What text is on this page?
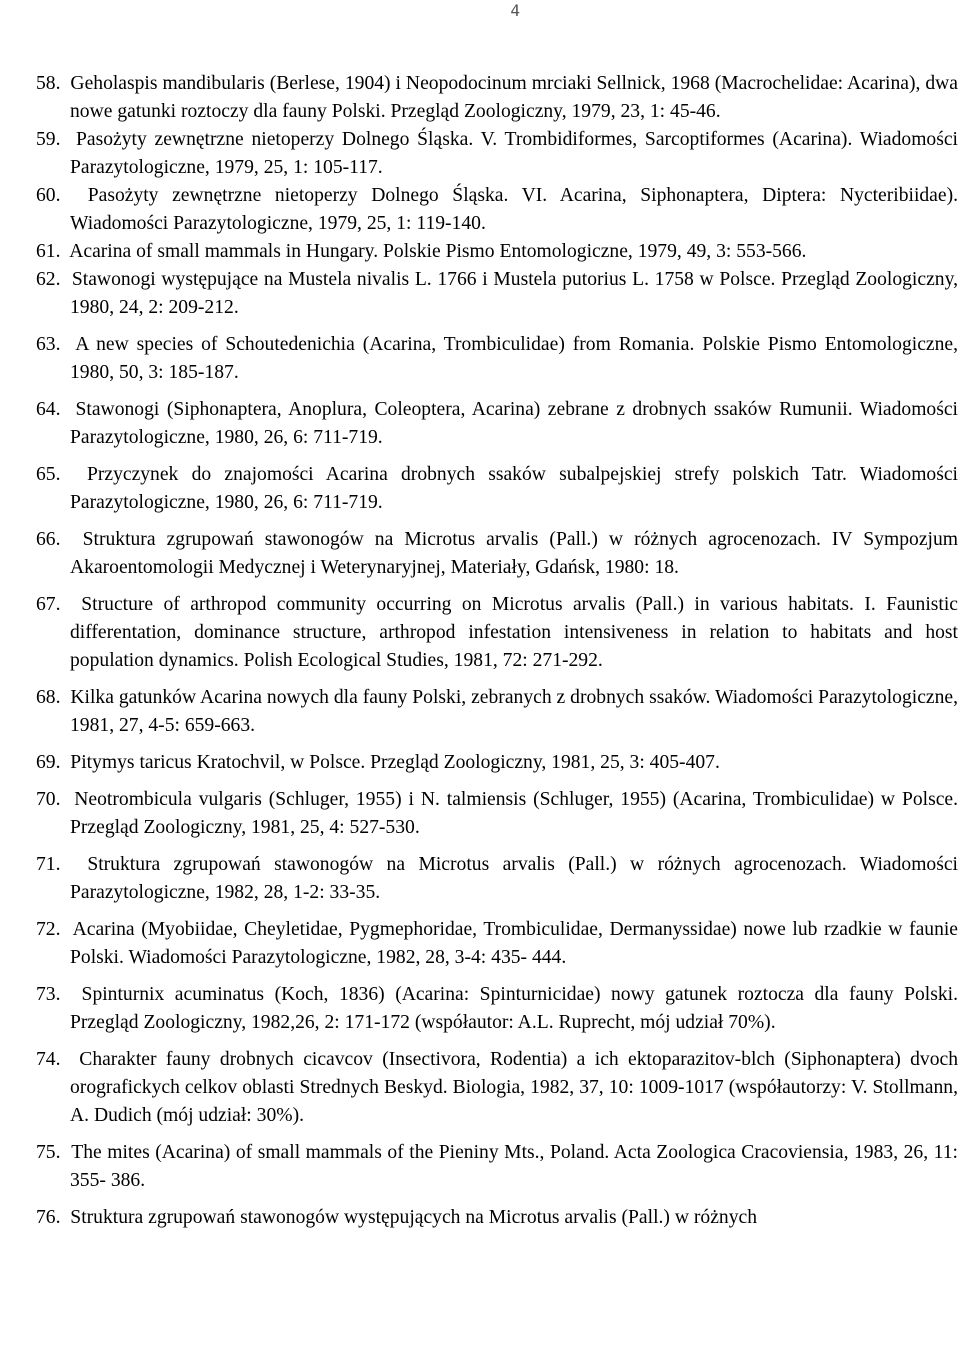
4
58. Geholaspis mandibularis (Berlese, 1904) i Neopodocinum mrciaki Sellnick, 1968 (Macrochelidae: Acarina), dwa nowe gatunki roztoczy dla fauny Polski. Przegląd Zoologiczny, 1979, 23, 1: 45-46.
59. Pasożyty zewnętrzne nietoperzy Dolnego Śląska. V. Trombidiformes, Sarcoptiformes (Acarina). Wiadomości Parazytologiczne, 1979, 25, 1: 105-117.
60. Pasożyty zewnętrzne nietoperzy Dolnego Śląska. VI. Acarina, Siphonaptera, Diptera: Nycteribiidae). Wiadomości Parazytologiczne, 1979, 25, 1: 119-140.
61. Acarina of small mammals in Hungary. Polskie Pismo Entomologiczne, 1979, 49, 3: 553-566.
62. Stawonogi występujące na Mustela nivalis L. 1766 i Mustela putorius L. 1758 w Polsce. Przegląd Zoologiczny, 1980, 24, 2: 209-212.
63. A new species of Schoutedenichia (Acarina, Trombiculidae) from Romania. Polskie Pismo Entomologiczne, 1980, 50, 3: 185-187.
64. Stawonogi (Siphonaptera, Anoplura, Coleoptera, Acarina) zebrane z drobnych ssaków Rumunii. Wiadomości Parazytologiczne, 1980, 26, 6: 711-719.
65. Przyczynek do znajomości Acarina drobnych ssaków subalpejskiej strefy polskich Tatr. Wiadomości Parazytologiczne, 1980, 26, 6: 711-719.
66. Struktura zgrupowań stawonogów na Microtus arvalis (Pall.) w różnych agrocenozach. IV Sympozjum Akaroentomologii Medycznej i Weterynaryjnej, Materiały, Gdańsk, 1980: 18.
67. Structure of arthropod community occurring on Microtus arvalis (Pall.) in various habitats. I. Faunistic differentation, dominance structure, arthropod infestation intensiveness in relation to habitats and host population dynamics. Polish Ecological Studies, 1981, 72: 271-292.
68. Kilka gatunków Acarina nowych dla fauny Polski, zebranych z drobnych ssaków. Wiadomości Parazytologiczne, 1981, 27, 4-5: 659-663.
69. Pitymys taricus Kratochvil, w Polsce. Przegląd Zoologiczny, 1981, 25, 3: 405-407.
70. Neotrombicula vulgaris (Schluger, 1955) i N. talmiensis (Schluger, 1955) (Acarina, Trombiculidae) w Polsce. Przegląd Zoologiczny, 1981, 25, 4: 527-530.
71. Struktura zgrupowań stawonogów na Microtus arvalis (Pall.) w różnych agrocenozach. Wiadomości Parazytologiczne, 1982, 28, 1-2: 33-35.
72. Acarina (Myobiidae, Cheyletidae, Pygmephoridae, Trombiculidae, Dermanyssidae) nowe lub rzadkie w faunie Polski. Wiadomości Parazytologiczne, 1982, 28, 3-4: 435- 444.
73. Spinturnix acuminatus (Koch, 1836) (Acarina: Spinturnicidae) nowy gatunek roztocza dla fauny Polski. Przegląd Zoologiczny, 1982,26, 2: 171-172 (współautor: A.L. Ruprecht, mój udział 70%).
74. Charakter fauny drobnych cicavcov (Insectivora, Rodentia) a ich ektoparazitov-blch (Siphonaptera) dvoch orografickych celkov oblasti Strednych Beskyd. Biologia, 1982, 37, 10: 1009-1017 (współautorzy: V. Stollmann, A. Dudich (mój udział: 30%).
75. The mites (Acarina) of small mammals of the Pieniny Mts., Poland. Acta Zoologica Cracoviensia, 1983, 26, 11: 355- 386.
76. Struktura zgrupowań stawonogów występujących na Microtus arvalis (Pall.) w różnych
